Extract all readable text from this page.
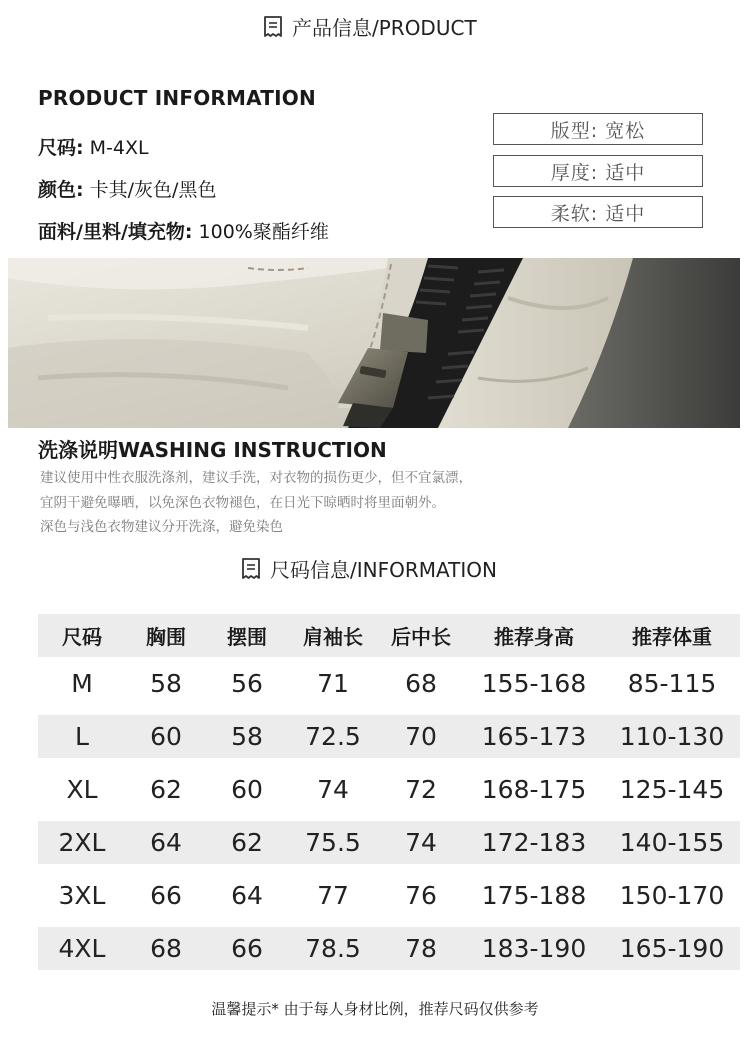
产品信息/PRODUCT
PRODUCT INFORMATION
尺码: M-4XL
颜色: 卡其/灰色/黑色
面料/里料/填充物: 100%聚酯纤维
版型: 宽松
厚度: 适中
柔软: 适中
洗涤说明WASHING INSTRUCTION
建议使用中性衣服洗涤剂，建议手洗，对衣物的损伤更少，但不宜氯漂，
宜阴干避免曝晒，以免深色衣物褪色，在日光下晾晒时将里面朝外。
深色与浅色衣物建议分开洗涤，避免染色
尺码信息/INFORMATION
尺码	胸围	摆围	肩袖长	后中长	推荐身高	推荐体重
M	58	56	71	68	155-168	85-115
L	60	58	72.5	70	165-173	110-130
XL	62	60	74	72	168-175	125-145
2XL	64	62	75.5	74	172-183	140-155
3XL	66	64	77	76	175-188	150-170
4XL	68	66	78.5	78	183-190	165-190
温馨提示* 由于每人身材比例，推荐尺码仅供参考
